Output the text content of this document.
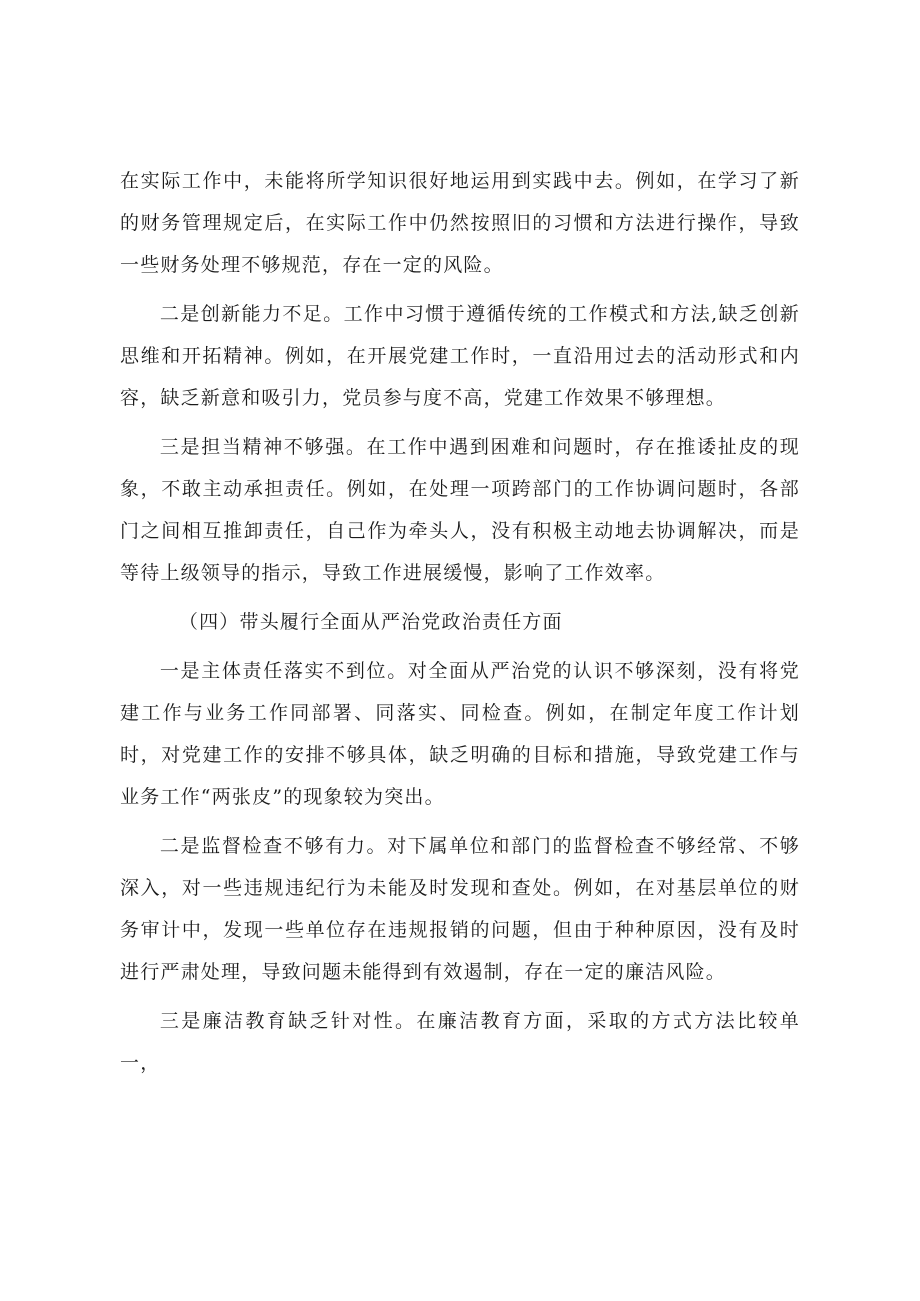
在实际工作中，未能将所学知识很好地运用到实践中去。例如，在学习了新的财务管理规定后，在实际工作中仍然按照旧的习惯和方法进行操作，导致一些财务处理不够规范，存在一定的风险。

二是创新能力不足。工作中习惯于遵循传统的工作模式和方法,缺乏创新思维和开拓精神。例如，在开展党建工作时，一直沿用过去的活动形式和内容，缺乏新意和吸引力，党员参与度不高，党建工作效果不够理想。

三是担当精神不够强。在工作中遇到困难和问题时，存在推诿扯皮的现象，不敢主动承担责任。例如，在处理一项跨部门的工作协调问题时，各部门之间相互推卸责任，自己作为牵头人，没有积极主动地去协调解决，而是等待上级领导的指示，导致工作进展缓慢，影响了工作效率。

（四）带头履行全面从严治党政治责任方面

一是主体责任落实不到位。对全面从严治党的认识不够深刻，没有将党建工作与业务工作同部署、同落实、同检查。例如，在制定年度工作计划时，对党建工作的安排不够具体，缺乏明确的目标和措施，导致党建工作与业务工作“两张皮”的现象较为突出。

二是监督检查不够有力。对下属单位和部门的监督检查不够经常、不够深入，对一些违规违纪行为未能及时发现和查处。例如，在对基层单位的财务审计中，发现一些单位存在违规报销的问题，但由于种种原因，没有及时进行严肃处理，导致问题未能得到有效遏制，存在一定的廉洁风险。

三是廉洁教育缺乏针对性。在廉洁教育方面，采取的方式方法比较单一，
